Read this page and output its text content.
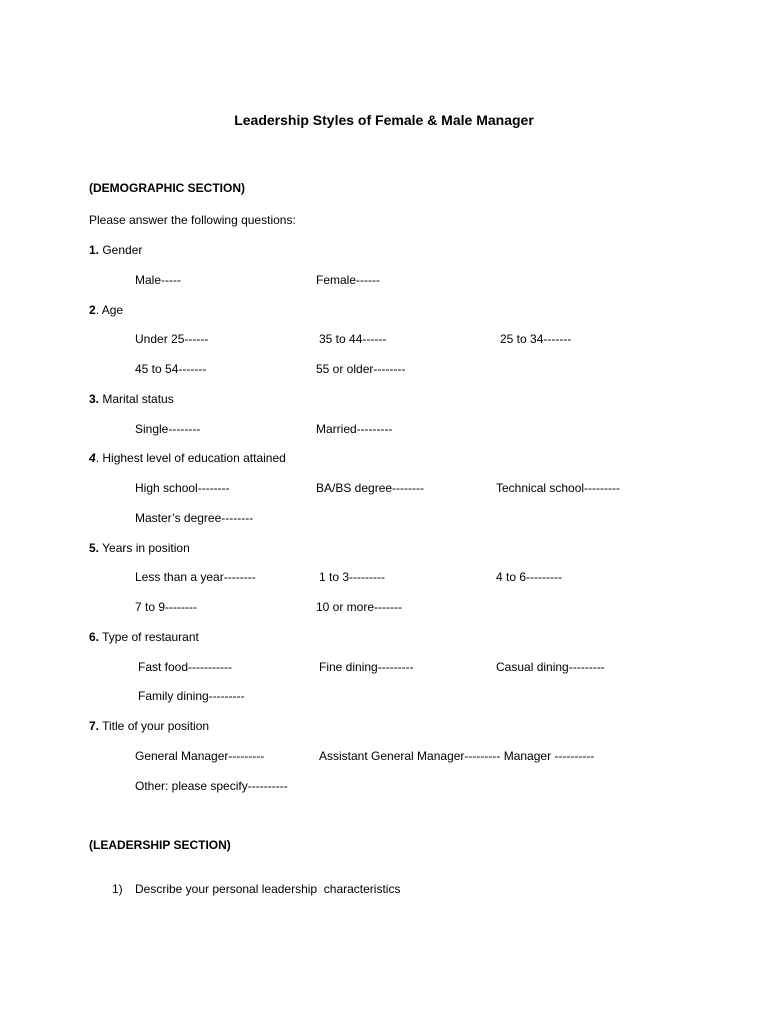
Leadership Styles of Female & Male Manager
(DEMOGRAPHIC SECTION)
Please answer the following questions:
1. Gender
Male-----	Female------
2. Age
Under 25------	35 to 44------	25 to 34-------
45 to 54-------	55 or older--------
3. Marital status
Single--------	Married---------
4. Highest level of education attained
High school--------	BA/BS degree--------	Technical school---------
Master’s degree--------
5. Years in position
Less than a year--------	1 to 3---------	4 to 6---------
7 to 9--------	10 or more-------
6. Type of restaurant
Fast food-----------	Fine dining---------	Casual dining---------
Family dining---------
7. Title of your position
General Manager---------	Assistant General Manager--------- Manager ----------
Other: please specify----------
(LEADERSHIP SECTION)
1) Describe your personal leadership  characteristics
